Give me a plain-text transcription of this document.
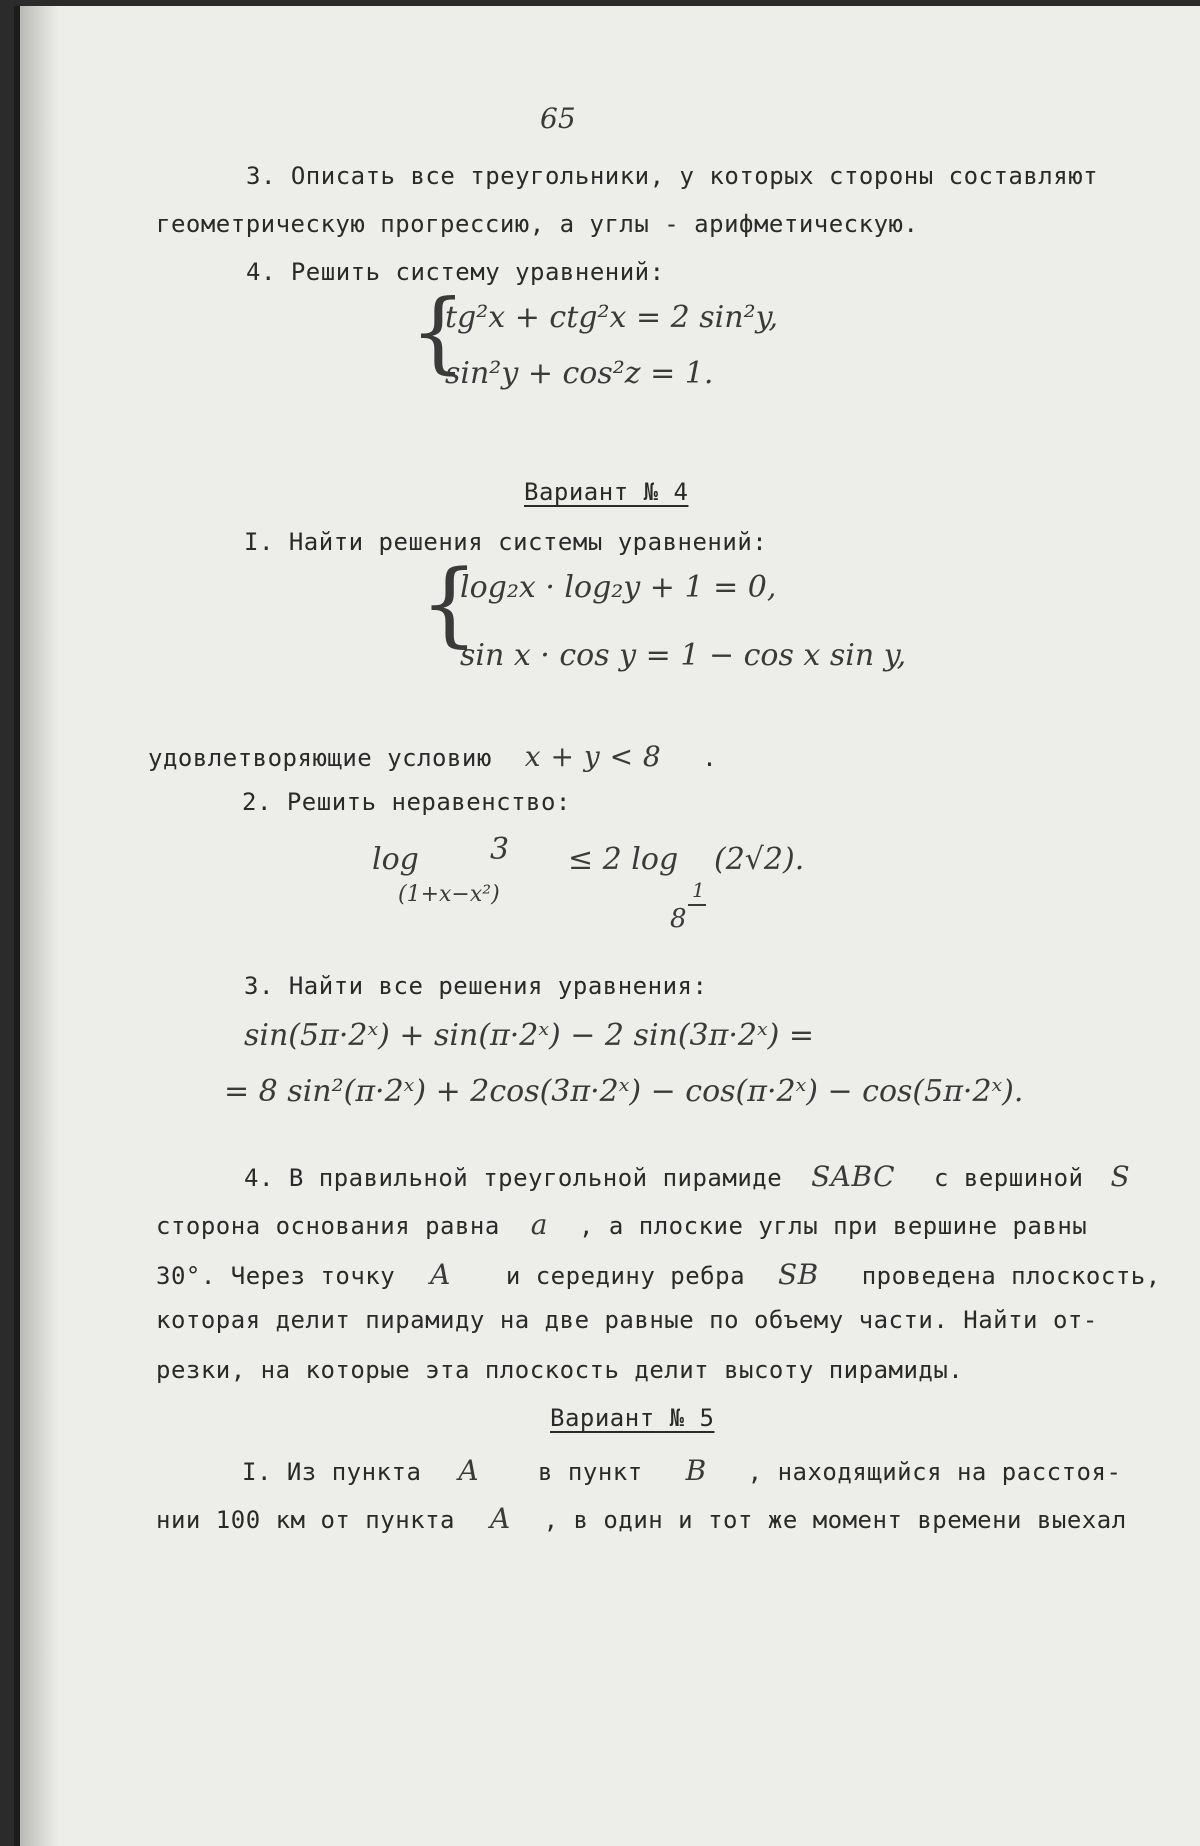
65
3. Описать все треугольники, у которых стороны составляют
геометрическую прогрессию, а углы - арифметическую.
4. Решить систему уравнений:
{
tg²x + ctg²x = 2 sin²y,
sin²y + cos²z = 1.
Вариант № 4
I. Найти решения системы уравнений:
{
log₂x · log₂y + 1 = 0,
sin x · cos y = 1 − cos x sin y,
удовлетворяющие условию x + y < 8 .
2. Решить неравенство:
log
(1+x−x²)
3 ≤ 2 log
1
8
(2√2).
3. Найти все решения уравнения:
sin(5π·2ˣ) + sin(π·2ˣ) − 2 sin(3π·2ˣ) =
= 8 sin²(π·2ˣ) + 2cos(3π·2ˣ) − cos(π·2ˣ) − cos(5π·2ˣ).
4. В правильной треугольной пирамиде SABC с вершиной S
сторона основания равна a , а плоские углы при вершине равны
30°. Через точку A и середину ребра SB проведена плоскость,
которая делит пирамиду на две равные по объему части. Найти от-
резки, на которые эта плоскость делит высоту пирамиды.
Вариант № 5
I. Из пункта A в пункт B , находящийся на расстоя-
нии 100 км от пункта A , в один и тот же момент времени выехал
